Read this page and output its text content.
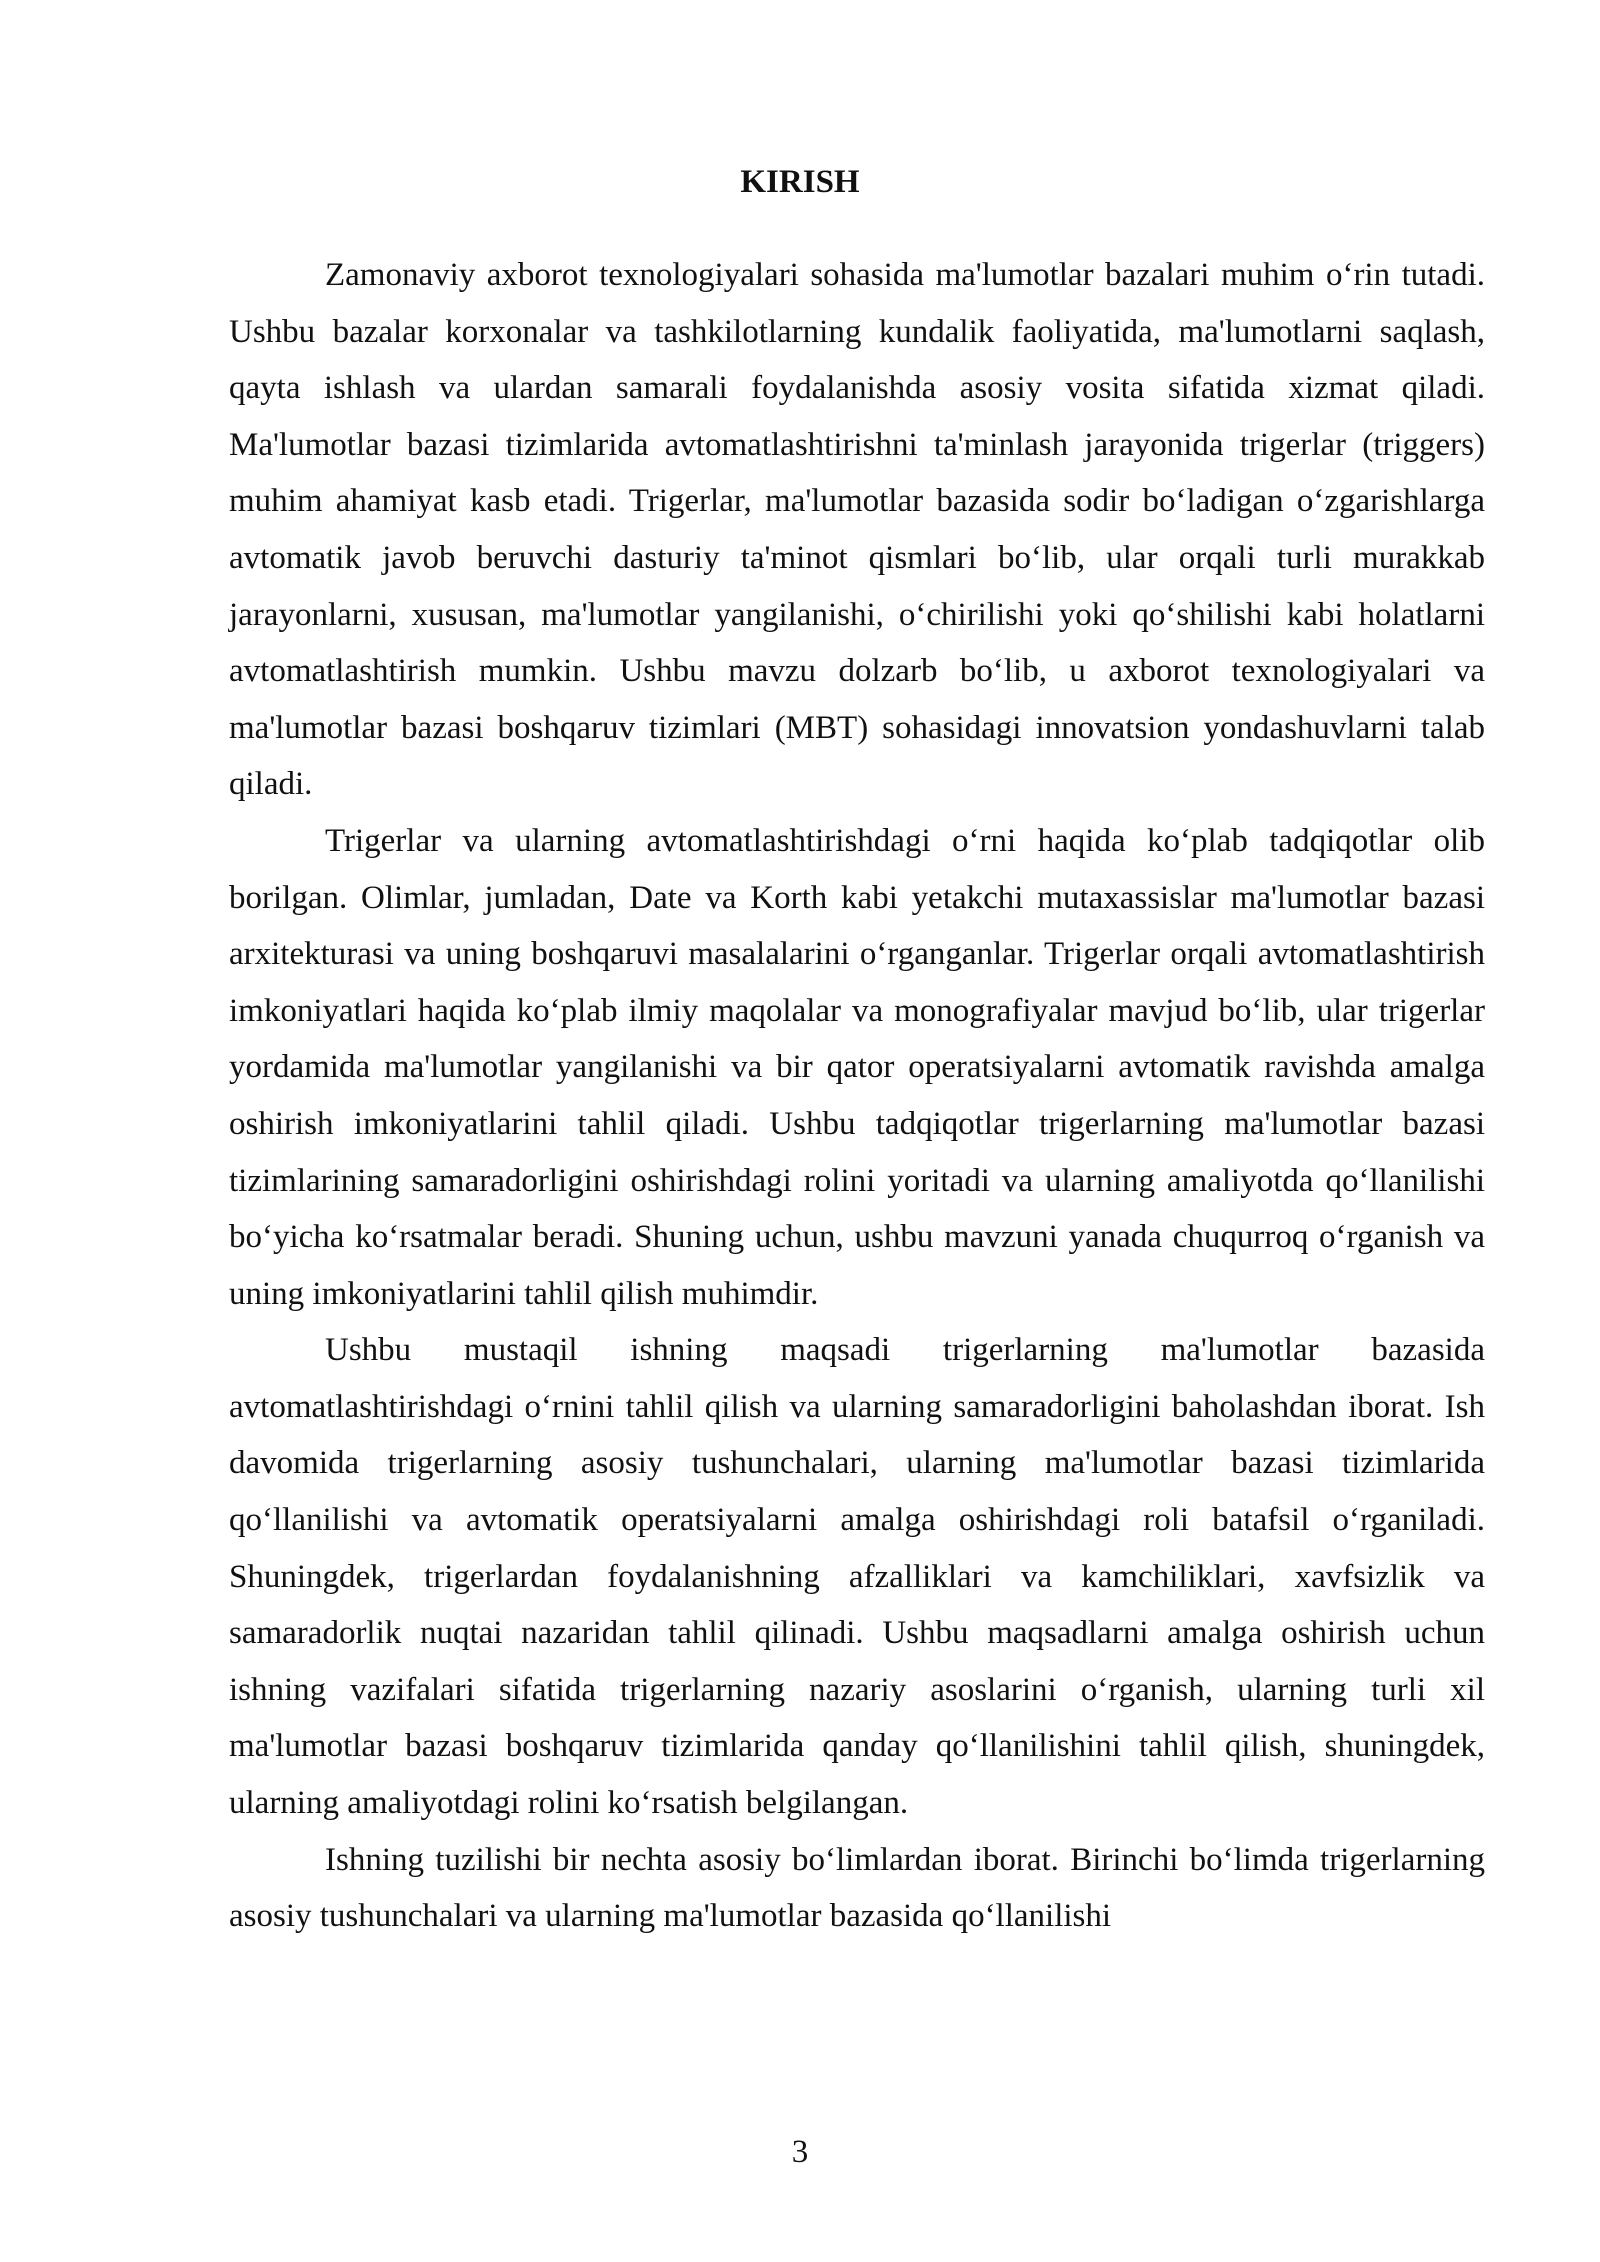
KIRISH

Zamonaviy axborot texnologiyalari sohasida ma'lumotlar bazalari muhim o‘rin tutadi. Ushbu bazalar korxonalar va tashkilotlarning kundalik faoliyatida, ma'lumotlarni saqlash, qayta ishlash va ulardan samarali foydalanishda asosiy vosita sifatida xizmat qiladi. Ma'lumotlar bazasi tizimlarida avtomatlashtirishni ta'minlash jarayonida trigerlar (triggers) muhim ahamiyat kasb etadi. Trigerlar, ma'lumotlar bazasida sodir bo‘ladigan o‘zgarishlarga avtomatik javob beruvchi dasturiy ta'minot qismlari bo‘lib, ular orqali turli murakkab jarayonlarni, xususan, ma'lumotlar yangilanishi, o‘chirilishi yoki qo‘shilishi kabi holatlarni avtomatlashtirish mumkin. Ushbu mavzu dolzarb bo‘lib, u axborot texnologiyalari va ma'lumotlar bazasi boshqaruv tizimlari (MBT) sohasidagi innovatsion yondashuvlarni talab qiladi.

Trigerlar va ularning avtomatlashtirishdagi o‘rni haqida ko‘plab tadqiqotlar olib borilgan. Olimlar, jumladan, Date va Korth kabi yetakchi mutaxassislar ma'lumotlar bazasi arxitekturasi va uning boshqaruvi masalalarini o‘rganganlar. Trigerlar orqali avtomatlashtirish imkoniyatlari haqida ko‘plab ilmiy maqolalar va monografiyalar mavjud bo‘lib, ular trigerlar yordamida ma'lumotlar yangilanishi va bir qator operatsiyalarni avtomatik ravishda amalga oshirish imkoniyatlarini tahlil qiladi. Ushbu tadqiqotlar trigerlarning ma'lumotlar bazasi tizimlarining samaradorligini oshirishdagi rolini yoritadi va ularning amaliyotda qo‘llanilishi bo‘yicha ko‘rsatmalar beradi. Shuning uchun, ushbu mavzuni yanada chuqurroq o‘rganish va uning imkoniyatlarini tahlil qilish muhimdir.

Ushbu mustaqil ishning maqsadi trigerlarning ma'lumotlar bazasida avtomatlashtirishdagi o‘rnini tahlil qilish va ularning samaradorligini baholashdan iborat. Ish davomida trigerlarning asosiy tushunchalari, ularning ma'lumotlar bazasi tizimlarida qo‘llanilishi va avtomatik operatsiyalarni amalga oshirishdagi roli batafsil o‘rganiladi. Shuningdek, trigerlardan foydalanishning afzalliklari va kamchiliklari, xavfsizlik va samaradorlik nuqtai nazaridan tahlil qilinadi. Ushbu maqsadlarni amalga oshirish uchun ishning vazifalari sifatida trigerlarning nazariy asoslarini o‘rganish, ularning turli xil ma'lumotlar bazasi boshqaruv tizimlarida qanday qo‘llanilishini tahlil qilish, shuningdek, ularning amaliyotdagi rolini ko‘rsatish belgilangan.

Ishning tuzilishi bir nechta asosiy bo‘limlardan iborat. Birinchi bo‘limda trigerlarning asosiy tushunchalari va ularning ma'lumotlar bazasida qo‘llanilishi

3
